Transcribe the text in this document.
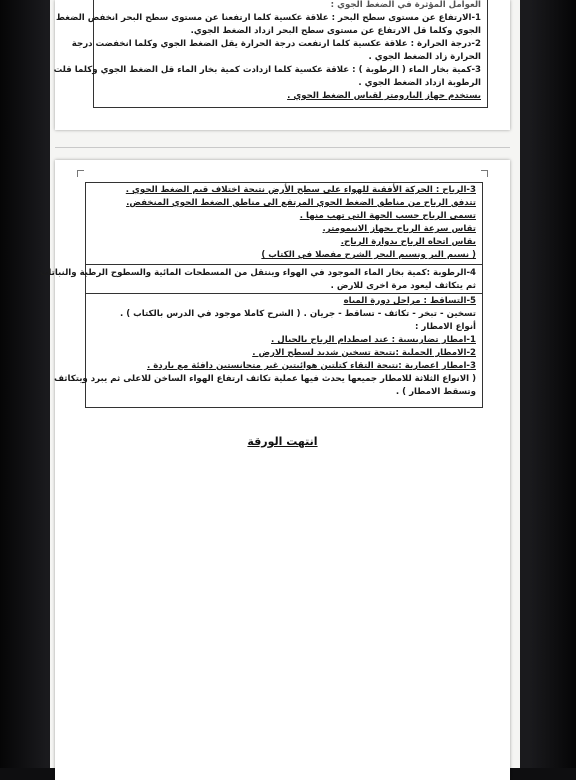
العوامل المؤثرة في الضغط الجوي :

1-الارتفاع عن مستوى سطح البحر : علاقة عكسية كلما ارتفعنا عن مستوى سطح البحر انخفض الضغط

الجوي وكلما قل الارتفاع عن مستوى سطح البحر ازداد الضغط الجوي.

2-درجة الحرارة : علاقة عكسية كلما ارتفعت درجة الحرارة يقل الضغط الجوي وكلما انخفضت درجة

الحرارة زاد الضغط الجوي .

3-كمية بخار الماء ( الرطوبة ) : علاقة عكسية كلما ازدادت كمية بخار الماء قل الضغط الجوي وكلما قلت

الرطوبة ازداد الضغط الجوي .

يستخدم جهاز البارومتر لقياس الضغط الجوي .

3-الرياح : الحركة الأفقية للهواء على سطح الأرض نتيجة اختلاف قيم الضغط الجوي .

تتدفق الرياح من مناطق الضغط الجوي المرتفع الى مناطق الضغط الجوي المنخفض.

تسمى الرياح حسب الجهة التي تهب منها .

تقاس سرعة الرياح بجهاز الانيمومتر.

يقاس اتجاه الرياح بدوارة الرياح.

( نسيم البر ونسيم البحر الشرح مفصلا في الكتاب )

4-الرطوبة :كمية بخار الماء الموجود في الهواء وينتقل من المسطحات المائية والسطوح الرطبة والنباتات

ثم يتكاثف ليعود مرة اخرى للارض .

5-التساقط : مراحل دورة المياه

تسخين - تبخر - تكاثف - تساقط - جريان . ( الشرح كاملا موجود في الدرس بالكتاب ) .

أنواع الامطار :

1-امطار تضاريسية : عند اصطدام الرياح بالجبال .

2-الامطار الحملية :نتيجة تسخين شديد لسطح الارض .

3-امطار اعصارية :نتيجة التقاء كتلتين هوائيتين غير متجانستين دافئة مع باردة .

( الانواع الثلاثة للامطار جميعها يحدث فيها عملية تكاثف ارتفاع الهواء الساخن للاعلى ثم يبرد ويتكاثف

وتسقط الامطار ) .

انتهت الورقة
